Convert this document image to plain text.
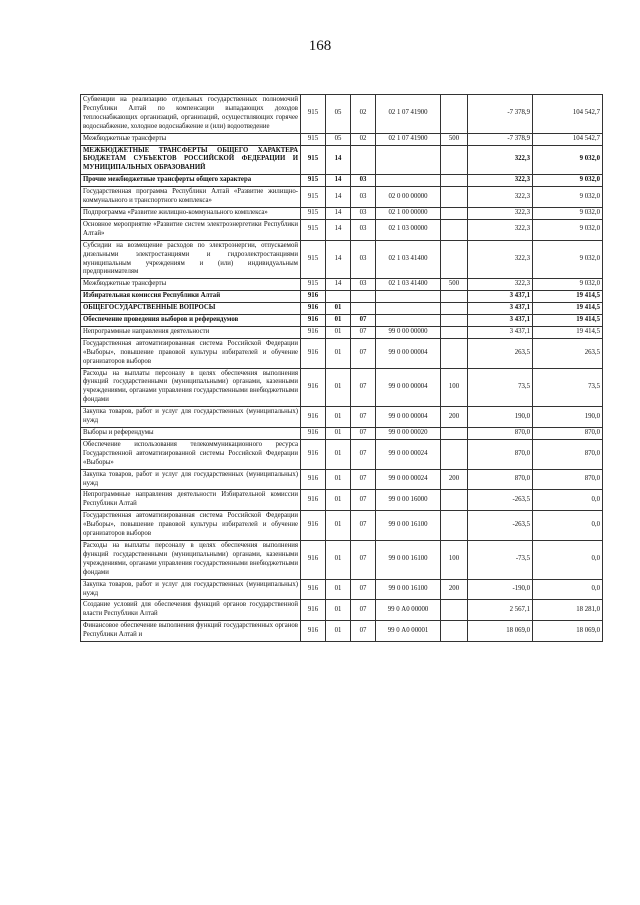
168
Субвенции на реализацию отдельных государственных полномочий Республики Алтай по компенсации выпадающих доходов теплоснабжающих организаций, организаций, осуществляющих горячее водоснабжение, холодное водоснабжение и (или) водоотведение	915	05	02	02 1 07 41900		-7 378,9	104 542,7
Межбюджетные трансферты	915	05	02	02 1 07 41900	500	-7 378,9	104 542,7
МЕЖБЮДЖЕТНЫЕ ТРАНСФЕРТЫ ОБЩЕГО ХАРАКТЕРА БЮДЖЕТАМ СУБЪЕКТОВ РОССИЙСКОЙ ФЕДЕРАЦИИ И МУНИЦИПАЛЬНЫХ ОБРАЗОВАНИЙ	915	14				322,3	9 032,0
Прочие межбюджетные трансферты общего характера	915	14	03			322,3	9 032,0
Государственная программа Республики Алтай «Развитие жилищно-коммунального и транспортного комплекса»	915	14	03	02 0 00 00000		322,3	9 032,0
Подпрограмма «Развитие жилищно-коммунального комплекса»	915	14	03	02 1 00 00000		322,3	9 032,0
Основное мероприятие «Развитие систем электроэнергетики Республики Алтай»	915	14	03	02 1 03 00000		322,3	9 032,0
Субсидии на возмещение расходов по электроэнергии, отпускаемой дизельными электростанциями и гидроэлектростанциями муниципальным учреждениям и (или) индивидуальным предпринимателям	915	14	03	02 1 03 41400		322,3	9 032,0
Межбюджетные трансферты	915	14	03	02 1 03 41400	500	322,3	9 032,0
Избирательная комиссия Республики Алтай	916					3 437,1	19 414,5
ОБЩЕГОСУДАРСТВЕННЫЕ ВОПРОСЫ	916	01				3 437,1	19 414,5
Обеспечение проведения выборов и референдумов	916	01	07			3 437,1	19 414,5
Непрограммные направления деятельности	916	01	07	99 0 00 00000		3 437,1	19 414,5
Государственная автоматизированная система Российской Федерации «Выборы», повышение правовой культуры избирателей и обучение организаторов выборов	916	01	07	99 0 00 00004		263,5	263,5
Расходы на выплаты персоналу в целях обеспечения выполнения функций государственными (муниципальными) органами, казенными учреждениями, органами управления государственными внебюджетными фондами	916	01	07	99 0 00 00004	100	73,5	73,5
Закупка товаров, работ и услуг для государственных (муниципальных) нужд	916	01	07	99 0 00 00004	200	190,0	190,0
Выборы и референдумы	916	01	07	99 0 00 00020		870,0	870,0
Обеспечение использования телекоммуникационного ресурса Государственной автоматизированной системы Российской Федерации «Выборы»	916	01	07	99 0 00 00024		870,0	870,0
Закупка товаров, работ и услуг для государственных (муниципальных) нужд	916	01	07	99 0 00 00024	200	870,0	870,0
Непрограммные направления деятельности Избирательной комиссии Республики Алтай	916	01	07	99 0 00 16000		-263,5	0,0
Государственная автоматизированная система Российской Федерации «Выборы», повышение правовой культуры избирателей и обучение организаторов выборов	916	01	07	99 0 00 16100		-263,5	0,0
Расходы на выплаты персоналу в целях обеспечения выполнения функций государственными (муниципальными) органами, казенными учреждениями, органами управления государственными внебюджетными фондами	916	01	07	99 0 00 16100	100	-73,5	0,0
Закупка товаров, работ и услуг для государственных (муниципальных) нужд	916	01	07	99 0 00 16100	200	-190,0	0,0
Создание условий для обеспечения функций органов государственной власти Республики Алтай	916	01	07	99 0 А0 00000		2 567,1	18 281,0
Финансовое обеспечение выполнения функций государственных органов Республики Алтай и	916	01	07	99 0 А0 00001		18 069,0	18 069,0
